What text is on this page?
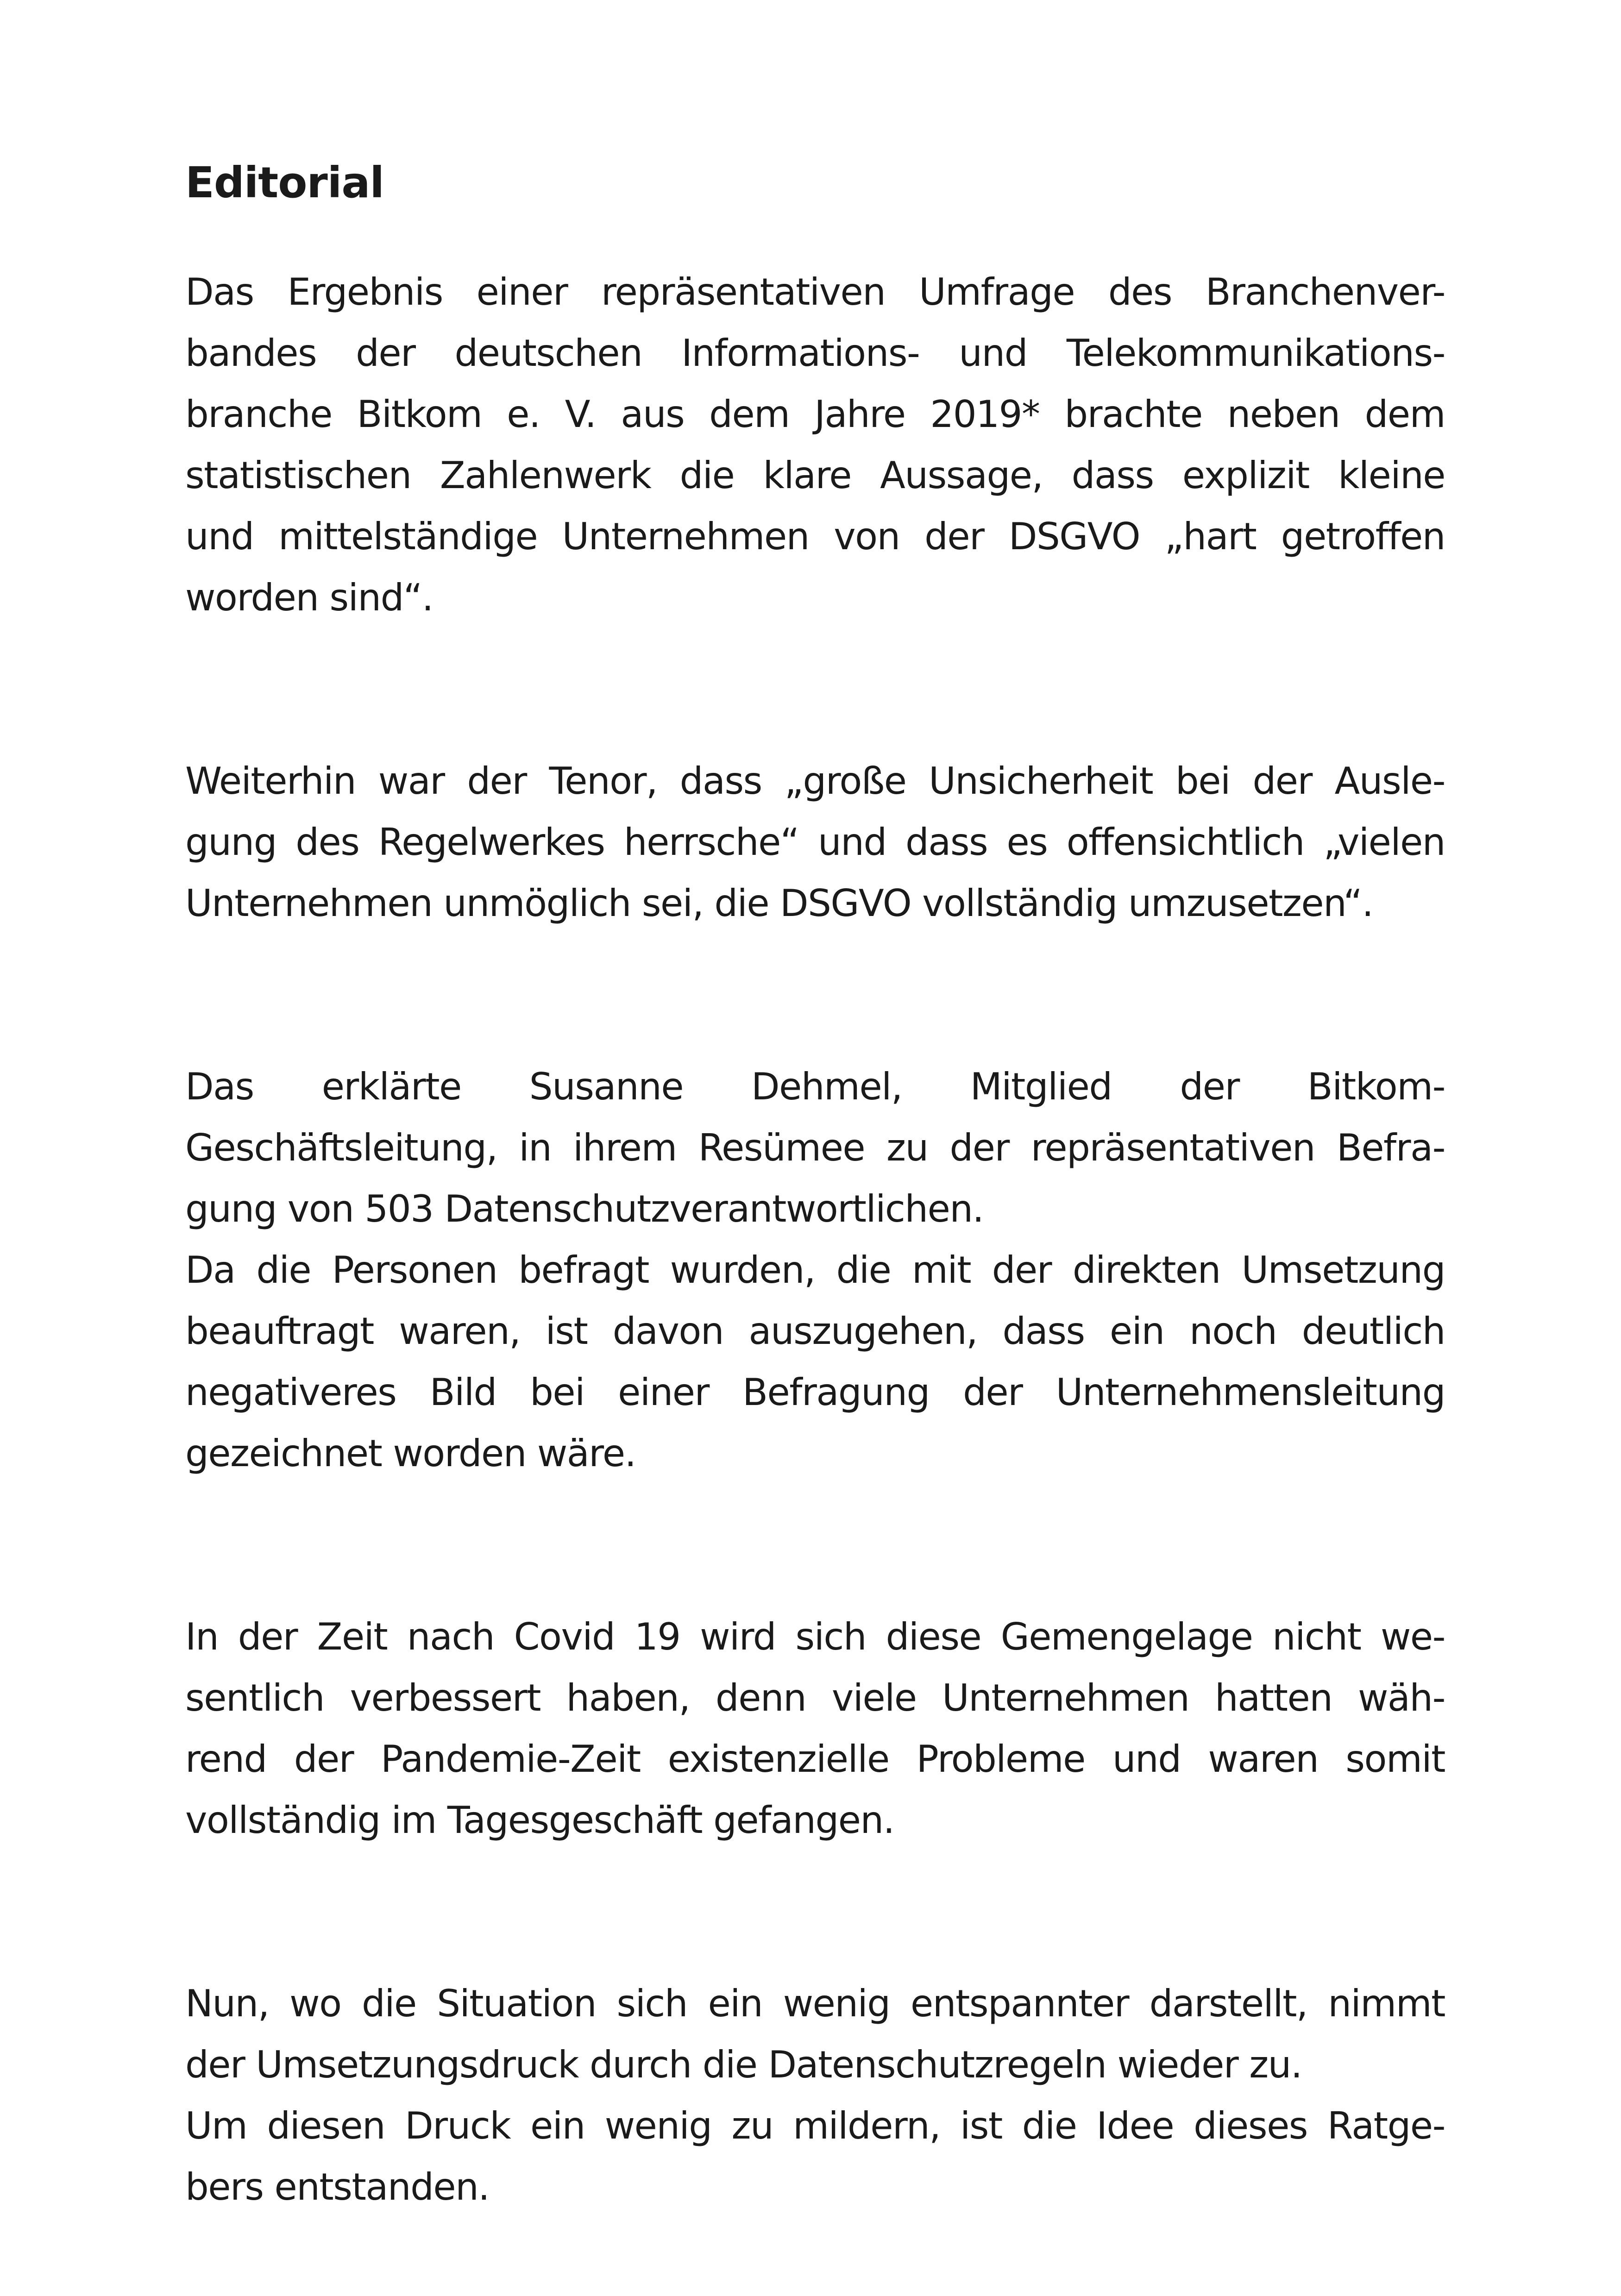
Editorial

Das Ergebnis einer repräsentativen Umfrage des Branchenver-
bandes der deutschen Informations- und Telekommunikations-
branche Bitkom e. V. aus dem Jahre 2019* brachte neben dem
statistischen Zahlenwerk die klare Aussage, dass explizit kleine
und mittelständige Unternehmen von der DSGVO „hart getroffen
worden sind“.

Weiterhin war der Tenor, dass „große Unsicherheit bei der Ausle-
gung des Regelwerkes herrsche“ und dass es offensichtlich „vielen
Unternehmen unmöglich sei, die DSGVO vollständig umzusetzen“.

Das erklärte Susanne Dehmel, Mitglied der Bitkom-
Geschäftsleitung, in ihrem Resümee zu der repräsentativen Befra-
gung von 503 Datenschutzverantwortlichen.
Da die Personen befragt wurden, die mit der direkten Umsetzung
beauftragt waren, ist davon auszugehen, dass ein noch deutlich
negativeres Bild bei einer Befragung der Unternehmensleitung
gezeichnet worden wäre.

In der Zeit nach Covid 19 wird sich diese Gemengelage nicht we-
sentlich verbessert haben, denn viele Unternehmen hatten wäh-
rend der Pandemie-Zeit existenzielle Probleme und waren somit
vollständig im Tagesgeschäft gefangen.

Nun, wo die Situation sich ein wenig entspannter darstellt, nimmt
der Umsetzungsdruck durch die Datenschutzregeln wieder zu.
Um diesen Druck ein wenig zu mildern, ist die Idee dieses Ratge-
bers entstanden.
